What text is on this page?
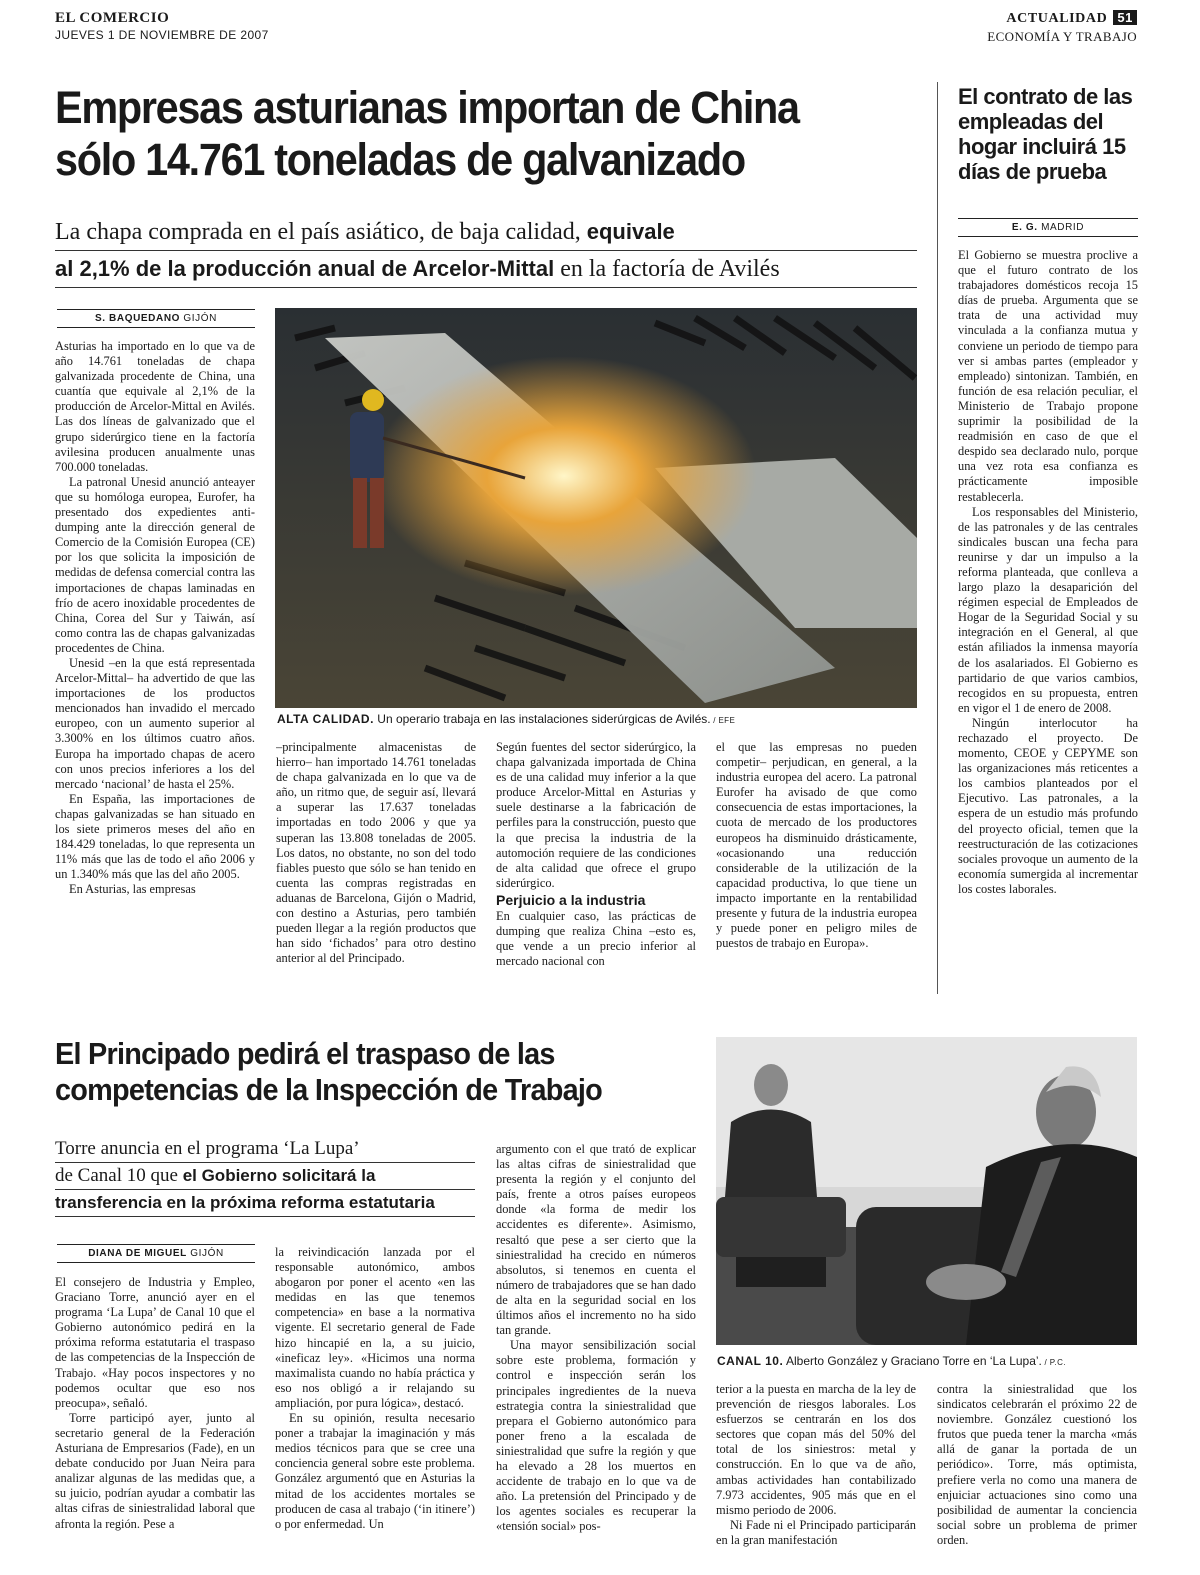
EL COMERCIO
JUEVES 1 DE NOVIEMBRE DE 2007
ACTUALIDAD 51
ECONOMÍA Y TRABAJO
Empresas asturianas importan de China
sólo 14.761 toneladas de galvanizado
La chapa comprada en el país asiático, de baja calidad, equivale
al 2,1% de la producción anual de Arcelor-Mittal en la factoría de Avilés
S. BAQUEDANO GIJÓN

Asturias ha importado en lo que va de año 14.761 toneladas de chapa galvanizada procedente de China, una cuantía que equivale al 2,1% de la producción de Arcelor-Mittal en Avilés. Las dos líneas de galvanizado que el grupo siderúrgico tiene en la factoría avilesina producen anualmente unas 700.000 toneladas.

La patronal Unesid anunció anteayer que su homóloga europea, Eurofer, ha presentado dos expedientes anti-dumping ante la dirección general de Comercio de la Comisión Europea (CE) por los que solicita la imposición de medidas de defensa comercial contra las importaciones de chapas laminadas en frío de acero inoxidable procedentes de China, Corea del Sur y Taiwán, así como contra las de chapas galvanizadas procedentes de China.

Unesid –en la que está representada Arcelor-Mittal– ha advertido de que las importaciones de los productos mencionados han invadido el mercado europeo, con un aumento superior al 3.300% en los últimos cuatro años. Europa ha importado chapas de acero con unos precios inferiores a los del mercado ‘nacional’ de hasta el 25%.

En España, las importaciones de chapas galvanizadas se han situado en los siete primeros meses del año en 184.429 toneladas, lo que representa un 11% más que las de todo el año 2006 y un 1.340% más que las del año 2005.

En Asturias, las empresas

ALTA CALIDAD. Un operario trabaja en las instalaciones siderúrgicas de Avilés. / EFE

–principalmente almacenistas de hierro– han importado 14.761 toneladas de chapa galvanizada en lo que va de año, un ritmo que, de seguir así, llevará a superar las 17.637 toneladas importadas en todo 2006 y que ya superan las 13.808 toneladas de 2005. Los datos, no obstante, no son del todo fiables puesto que sólo se han tenido en cuenta las compras registradas en aduanas de Barcelona, Gijón o Madrid, con destino a Asturias, pero también pueden llegar a la región productos que han sido ‘fichados’ para otro destino anterior al del Principado.

Según fuentes del sector siderúrgico, la chapa galvanizada importada de China es de una calidad muy inferior a la que produce Arcelor-Mittal en Asturias y suele destinarse a la fabricación de perfiles para la construcción, puesto que la que precisa la industria de la automoción requiere de las condiciones de alta calidad que ofrece el grupo siderúrgico.

Perjuicio a la industria

En cualquier caso, las prácticas de dumping que realiza China –esto es, que vende a un precio inferior al mercado nacional con

el que las empresas no pueden competir– perjudican, en general, a la industria europea del acero. La patronal Eurofer ha avisado de que como consecuencia de estas importaciones, la cuota de mercado de los productores europeos ha disminuido drásticamente, «ocasionando una reducción considerable de la utilización de la capacidad productiva, lo que tiene un impacto importante en la rentabilidad presente y futura de la industria europea y puede poner en peligro miles de puestos de trabajo en Europa».

El contrato de las empleadas del hogar incluirá 15 días de prueba
E. G. MADRID

El Gobierno se muestra proclive a que el futuro contrato de los trabajadores domésticos recoja 15 días de prueba. Argumenta que se trata de una actividad muy vinculada a la confianza mutua y conviene un periodo de tiempo para ver si ambas partes (empleador y empleado) sintonizan. También, en función de esa relación peculiar, el Ministerio de Trabajo propone suprimir la posibilidad de la readmisión en caso de que el despido sea declarado nulo, porque una vez rota esa confianza es prácticamente imposible restablecerla.

Los responsables del Ministerio, de las patronales y de las centrales sindicales buscan una fecha para reunirse y dar un impulso a la reforma planteada, que conlleva a largo plazo la desaparición del régimen especial de Empleados de Hogar de la Seguridad Social y su integración en el General, al que están afiliados la inmensa mayoría de los asalariados. El Gobierno es partidario de que varios cambios, recogidos en su propuesta, entren en vigor el 1 de enero de 2008.

Ningún interlocutor ha rechazado el proyecto. De momento, CEOE y CEPYME son las organizaciones más reticentes a los cambios planteados por el Ejecutivo. Las patronales, a la espera de un estudio más profundo del proyecto oficial, temen que la reestructuración de las cotizaciones sociales provoque un aumento de la economía sumergida al incrementar los costes laborales.

El Principado pedirá el traspaso de las
competencias de la Inspección de Trabajo
Torre anuncia en el programa ‘La Lupa’
de Canal 10 que el Gobierno solicitará la
transferencia en la próxima reforma estatutaria
DIANA DE MIGUEL GIJÓN

El consejero de Industria y Empleo, Graciano Torre, anunció ayer en el programa ‘La Lupa’ de Canal 10 que el Gobierno autonómico pedirá en la próxima reforma estatutaria el traspaso de las competencias de la Inspección de Trabajo. «Hay pocos inspectores y no podemos ocultar que eso nos preocupa», señaló.

Torre participó ayer, junto al secretario general de la Federación Asturiana de Empresarios (Fade), en un debate conducido por Juan Neira para analizar algunas de las medidas que, a su juicio, podrían ayudar a combatir las altas cifras de siniestralidad laboral que afronta la región. Pese a

la reivindicación lanzada por el responsable autonómico, ambos abogaron por poner el acento «en las medidas en las que tenemos competencia» en base a la normativa vigente. El secretario general de Fade hizo hincapié en la, a su juicio, «ineficaz ley». «Hicimos una norma maximalista cuando no había práctica y eso nos obligó a ir relajando su ampliación, por pura lógica», destacó.

En su opinión, resulta necesario poner a trabajar la imaginación y más medios técnicos para que se cree una conciencia general sobre este problema. González argumentó que en Asturias la mitad de los accidentes mortales se producen de casa al trabajo (‘in itinere’) o por enfermedad. Un

argumento con el que trató de explicar las altas cifras de siniestralidad que presenta la región y el conjunto del país, frente a otros países europeos donde «la forma de medir los accidentes es diferente». Asimismo, resaltó que pese a ser cierto que la siniestralidad ha crecido en números absolutos, si tenemos en cuenta el número de trabajadores que se han dado de alta en la seguridad social en los últimos años el incremento no ha sido tan grande.

Una mayor sensibilización social sobre este problema, formación y control e inspección serán los principales ingredientes de la nueva estrategia contra la siniestralidad que prepara el Gobierno autonómico para poner freno a la escalada de siniestralidad que sufre la región y que ha elevado a 28 los muertos en accidente de trabajo en lo que va de año. La pretensión del Principado y de los agentes sociales es recuperar la «tensión social» pos-

CANAL 10. Alberto González y Graciano Torre en ‘La Lupa’. / P.C.

terior a la puesta en marcha de la ley de prevención de riesgos laborales. Los esfuerzos se centrarán en los dos sectores que copan más del 50% del total de los siniestros: metal y construcción. En lo que va de año, ambas actividades han contabilizado 7.973 accidentes, 905 más que en el mismo periodo de 2006.

Ni Fade ni el Principado participarán en la gran manifestación

contra la siniestralidad que los sindicatos celebrarán el próximo 22 de noviembre. González cuestionó los frutos que pueda tener la marcha «más allá de ganar la portada de un periódico». Torre, más optimista, prefiere verla no como una manera de enjuiciar actuaciones sino como una posibilidad de aumentar la conciencia social sobre un problema de primer orden.
